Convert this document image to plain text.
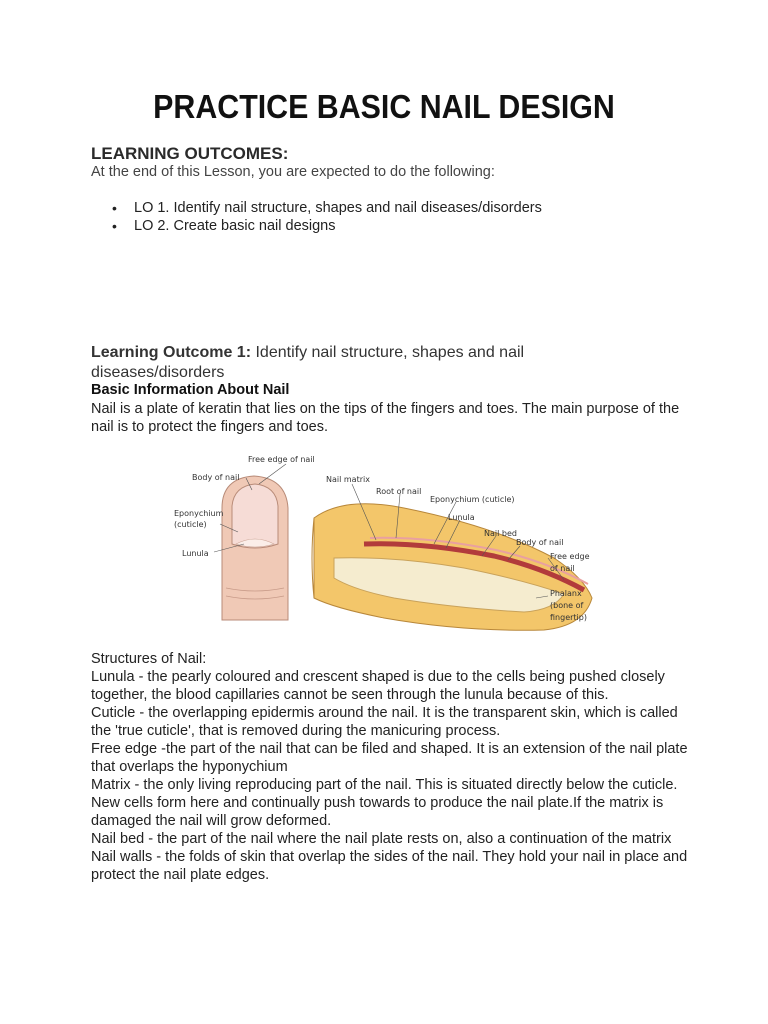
PRACTICE BASIC NAIL DESIGN
LEARNING OUTCOMES:
At the end of this Lesson, you are expected to do the following:
• LO 1. Identify nail structure, shapes and nail diseases/disorders
• LO 2. Create basic nail designs
Learning Outcome 1: Identify nail structure, shapes and nail diseases/disorders
Basic Information About Nail
Nail is a plate of keratin that lies on the tips of the fingers and toes. The main purpose of the nail is to protect the fingers and toes.
Free edge of nail
Body of nail
Eponychium
(cuticle)
Lunula
Nail matrix
Root of nail
Eponychium (cuticle)
Lunula
Nail bed
Body of nail
Free edge
of nail
Phalanx
(bone of
fingertip)

Structures of Nail:

Lunula - the pearly coloured and crescent shaped is due to the cells being pushed closely together, the blood capillaries cannot be seen through the lunula because of this.

Cuticle - the overlapping epidermis around the nail. It is the transparent skin, which is called the 'true cuticle', that is removed during the manicuring process.

Free edge -the part of the nail that can be filed and shaped. It is an extension of the nail plate that overlaps the hyponychium

Matrix - the only living reproducing part of the nail. This is situated directly below the cuticle. New cells form here and continually push towards to produce the nail plate.If the matrix is damaged the nail will grow deformed.

Nail bed - the part of the nail where the nail plate rests on, also a continuation of the matrix

Nail walls - the folds of skin that overlap the sides of the nail. They hold your nail in place and protect the nail plate edges.
